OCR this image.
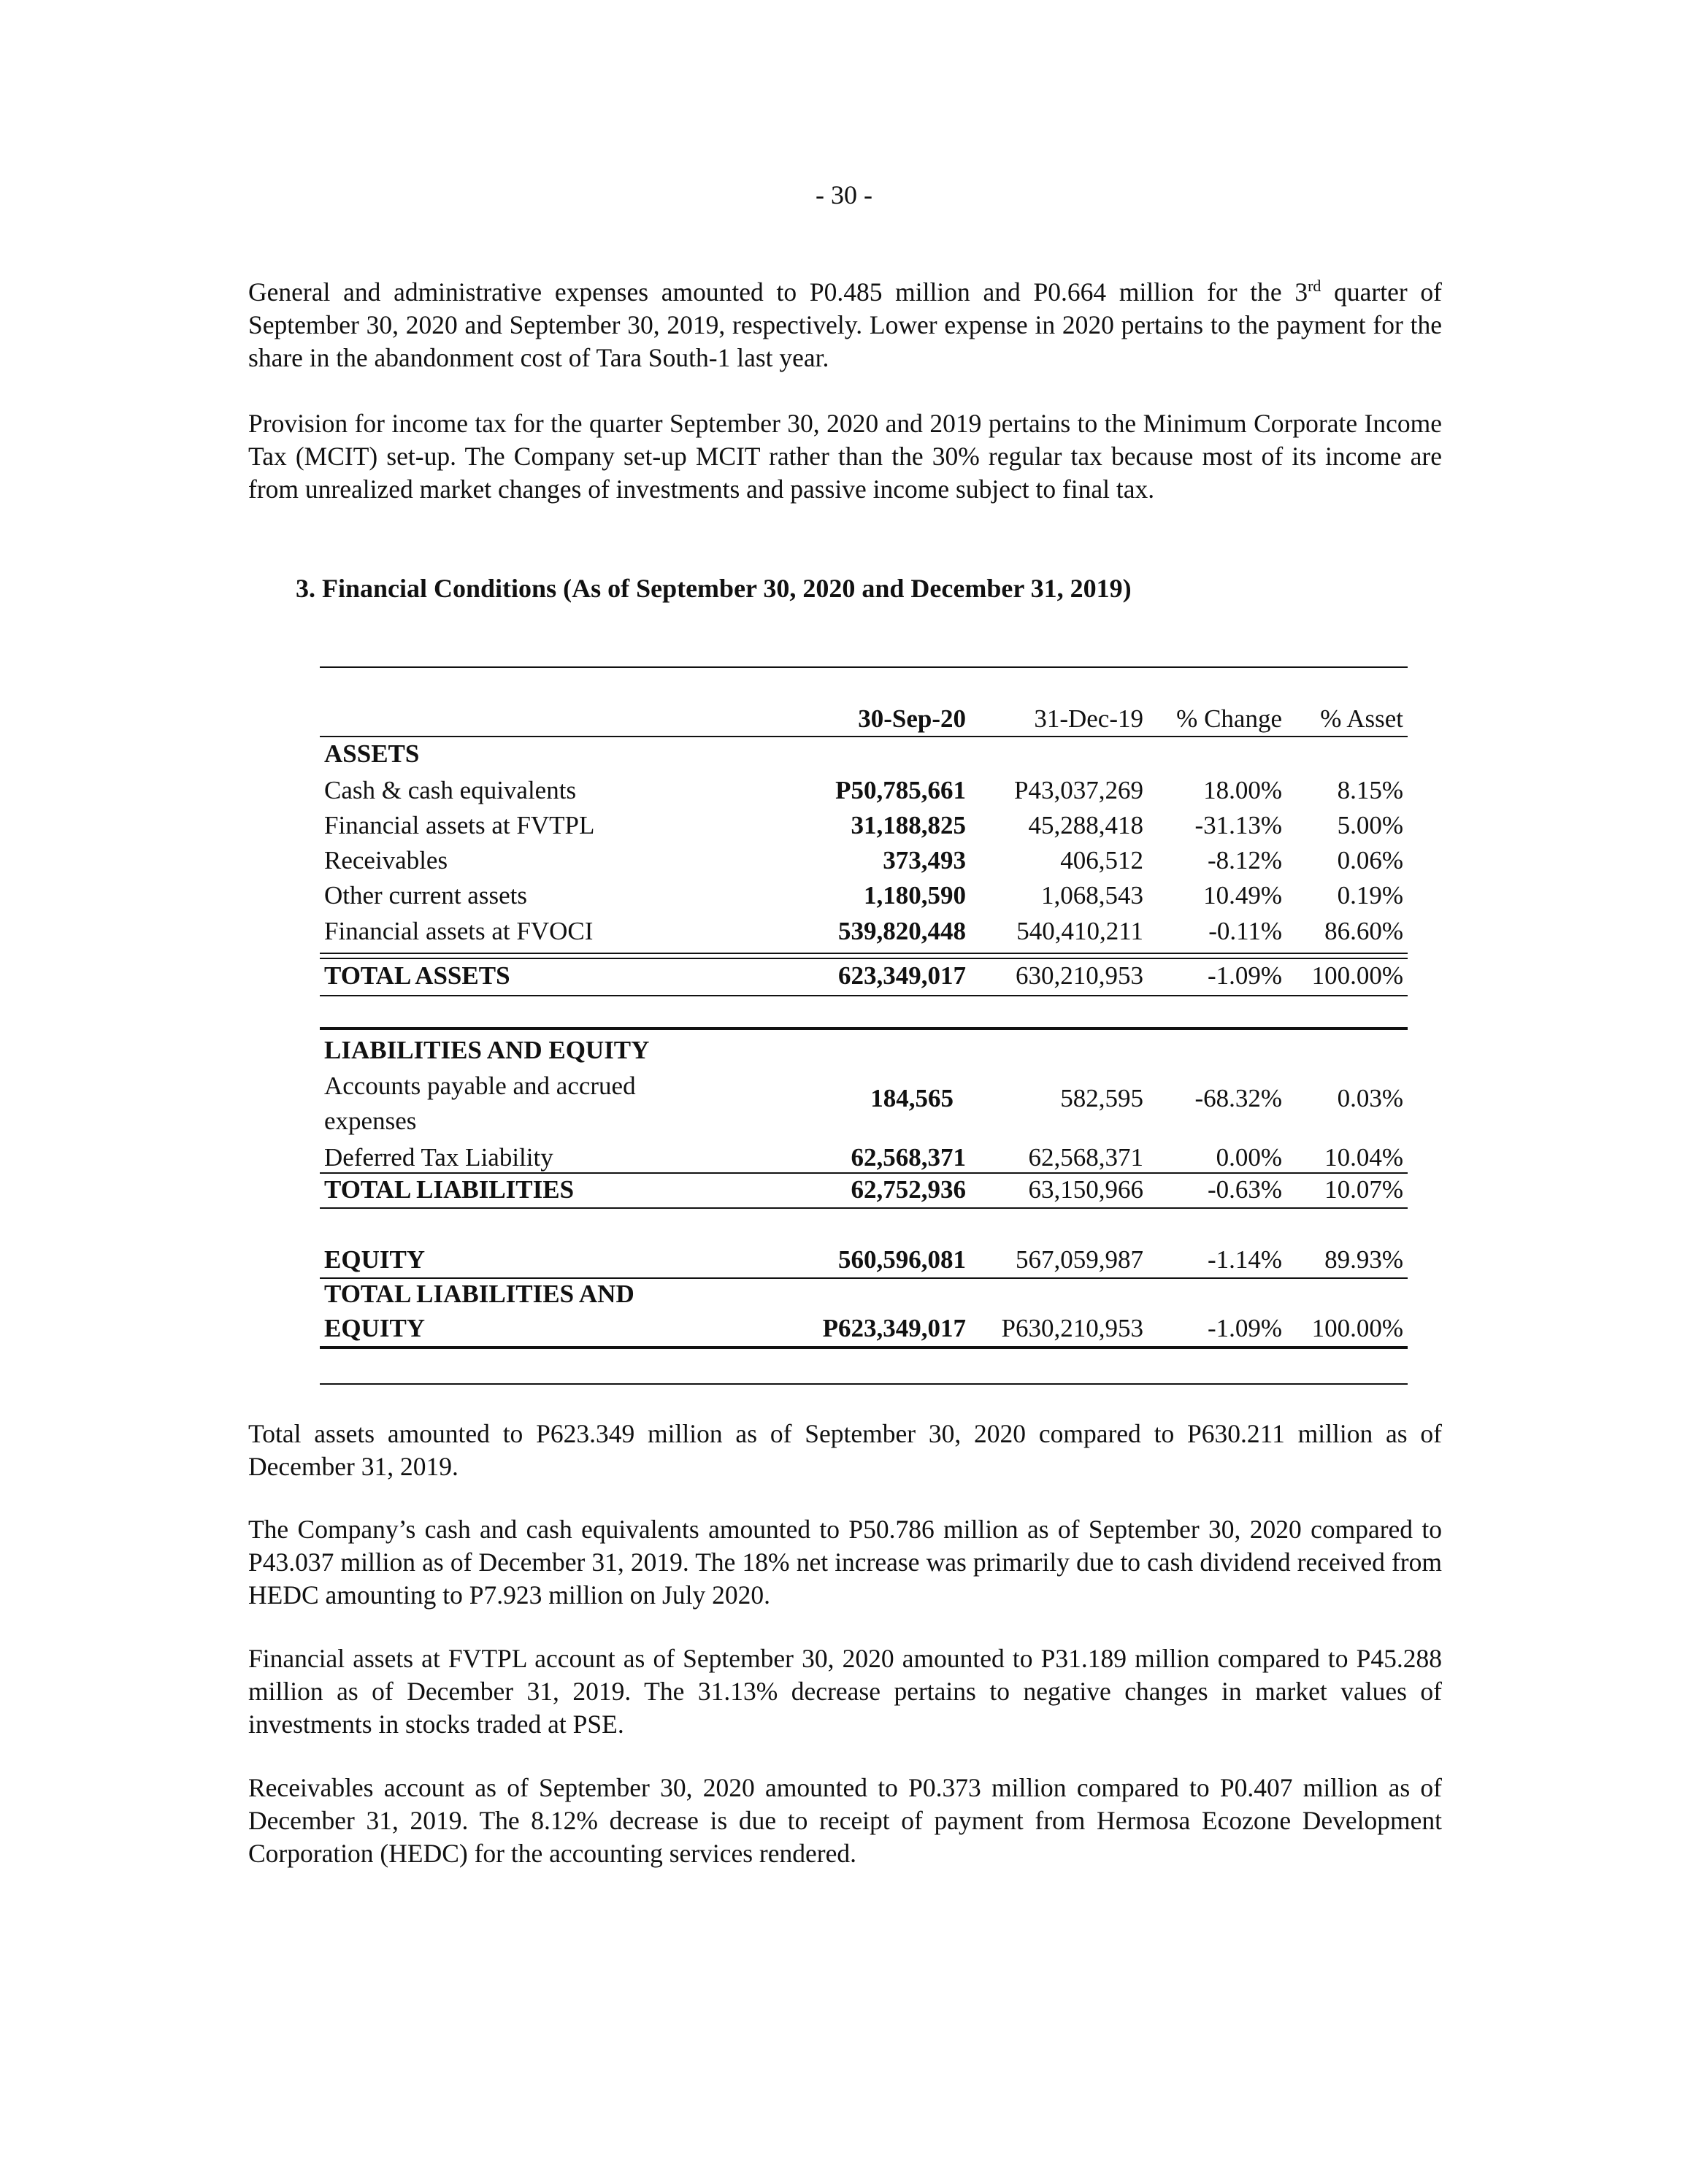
- 30 -

General and administrative expenses amounted to P0.485 million and P0.664 million for the 3rd quarter of September 30, 2020 and September 30, 2019, respectively. Lower expense in 2020 pertains to the payment for the share in the abandonment cost of Tara South-1 last year.

Provision for income tax for the quarter September 30, 2020 and 2019 pertains to the Minimum Corporate Income Tax (MCIT) set-up. The Company set-up MCIT rather than the 30% regular tax because most of its income are from unrealized market changes of investments and passive income subject to final tax.

3. Financial Conditions (As of September 30, 2020 and December 31, 2019)
30-Sep-20	31-Dec-19 % Change % Asset
ASSETS
Cash & cash equivalents	P50,785,661 P43,037,269 18.00% 8.15%
Financial assets at FVTPL	31,188,825 45,288,418 -31.13% 5.00%
Receivables	373,493	406,512	-8.12% 0.06%
Other current assets	1,180,590	1,068,543 10.49% 0.19%
Financial assets at FVOCI	539,820,448 540,410,211	-0.11% 86.60%
TOTAL ASSETS	623,349,017 630,210,953	-1.09% 100.00%
LIABILITIES AND EQUITY
Accounts payable and accrued
expenses
184,565	582,595 -68.32% 0.03%
Deferred Tax Liability	62,568,371 62,568,371	0.00% 10.04%
TOTAL LIABILITIES	62,752,936 63,150,966	-0.63% 10.07%
EQUITY	560,596,081 567,059,987	-1.14% 89.93%
TOTAL LIABILITIES AND
EQUITY	P623,349,017 P630,210,953	-1.09% 100.00%

Total assets amounted to P623.349 million as of September 30, 2020 compared to P630.211 million as of December 31, 2019.

The Company’s cash and cash equivalents amounted to P50.786 million as of September 30, 2020 compared to P43.037 million as of December 31, 2019. The 18% net increase was primarily due to cash dividend received from HEDC amounting to P7.923 million on July 2020.

Financial assets at FVTPL account as of September 30, 2020 amounted to P31.189 million compared to P45.288 million as of December 31, 2019. The 31.13% decrease pertains to negative changes in market values of investments in stocks traded at PSE.

Receivables account as of September 30, 2020 amounted to P0.373 million compared to P0.407 million as of December 31, 2019. The 8.12% decrease is due to receipt of payment from Hermosa Ecozone Development Corporation (HEDC) for the accounting services rendered.
